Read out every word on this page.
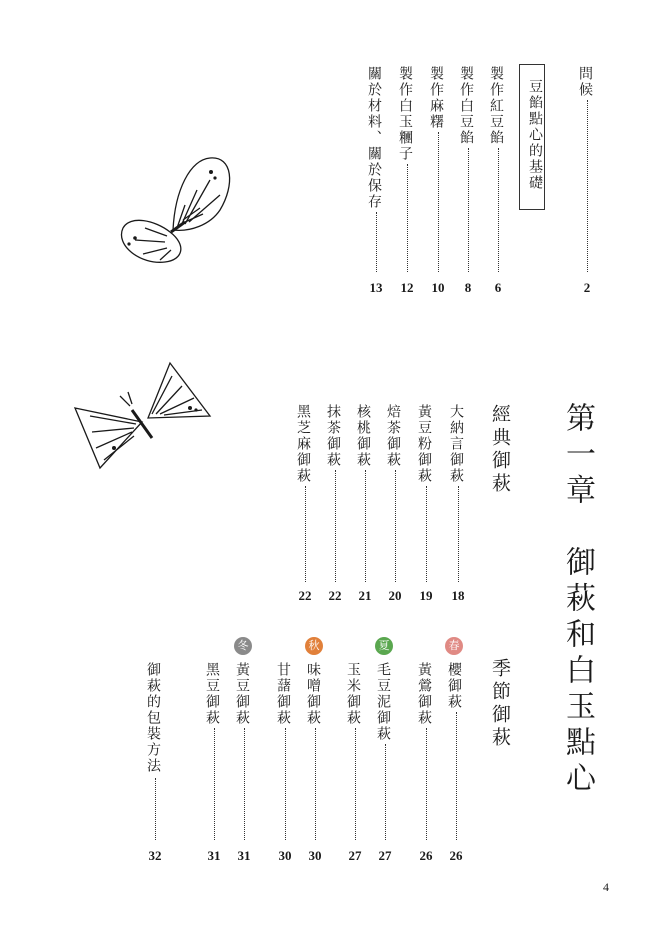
問候
2
豆餡點心的基礎
製作紅豆餡
6
製作白豆餡
8
製作麻糬
10
製作白玉糰子
12
關於材料、關於保存
13
第一章　御萩和白玉點心
經典御萩
大納言御萩
18
黃豆粉御萩
19
焙茶御萩
20
核桃御萩
21
抹茶御萩
22
黑芝麻御萩
22
季節御萩
春
夏
秋
冬
櫻御萩
26
黃鶯御萩
26
毛豆泥御萩
27
玉米御萩
27
味噌御萩
30
甘藷御萩
30
黃豆御萩
31
黑豆御萩
31
御萩的包裝方法
32
4
